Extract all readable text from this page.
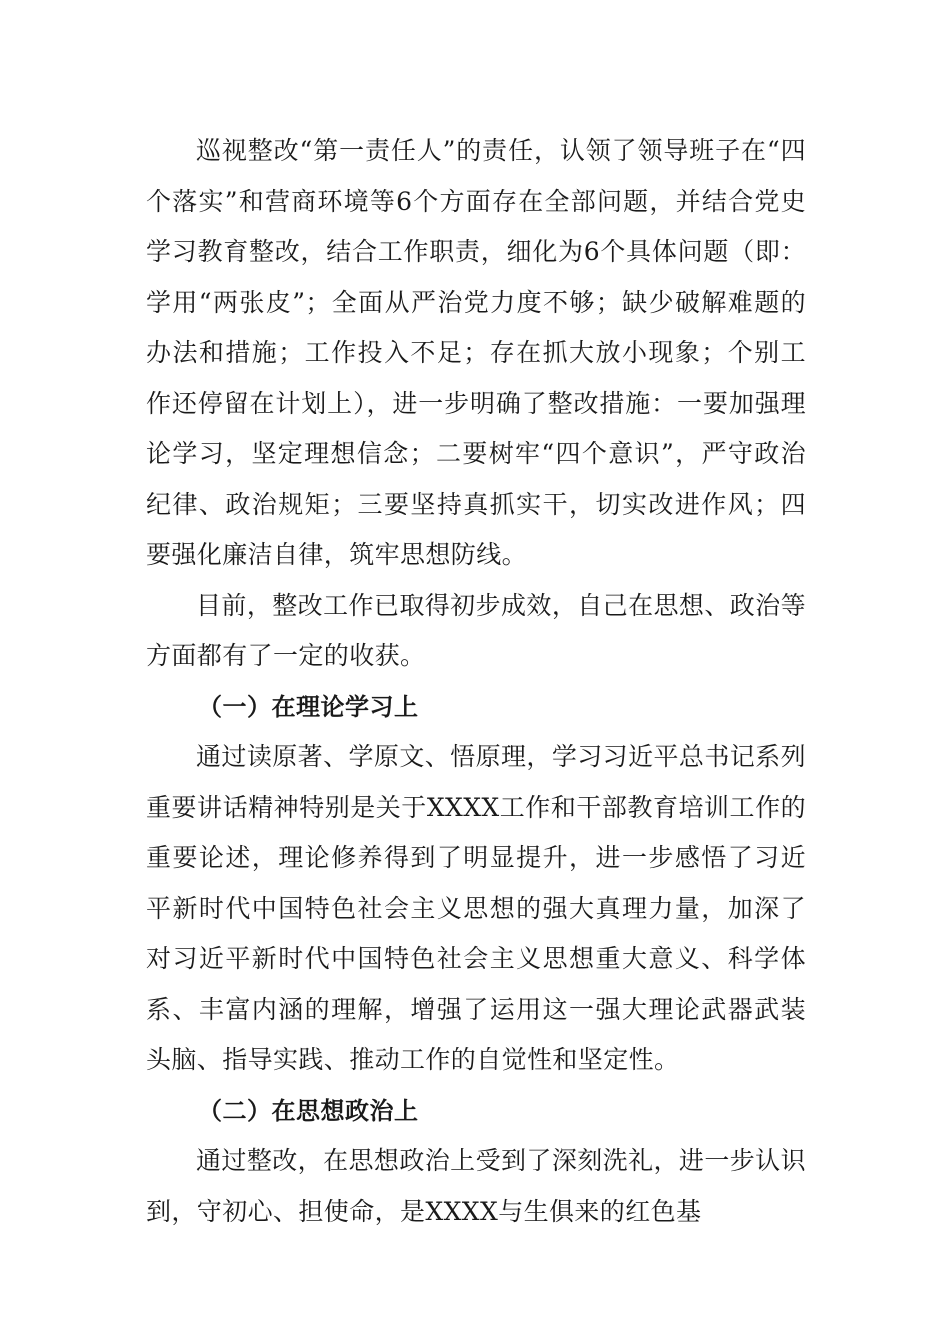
巡视整改“第一责任人”的责任，认领了领导班子在“四个落实”和营商环境等6个方面存在全部问题，并结合党史学习教育整改，结合工作职责，细化为6个具体问题（即：学用“两张皮”；全面从严治党力度不够；缺少破解难题的办法和措施；工作投入不足；存在抓大放小现象；个别工作还停留在计划上），进一步明确了整改措施：一要加强理论学习，坚定理想信念；二要树牢“四个意识”，严守政治纪律、政治规矩；三要坚持真抓实干，切实改进作风；四要强化廉洁自律，筑牢思想防线。

目前，整改工作已取得初步成效，自己在思想、政治等方面都有了一定的收获。

（一）在理论学习上

通过读原著、学原文、悟原理，学习习近平总书记系列重要讲话精神特别是关于XXXX工作和干部教育培训工作的重要论述，理论修养得到了明显提升，进一步感悟了习近平新时代中国特色社会主义思想的强大真理力量，加深了对习近平新时代中国特色社会主义思想重大意义、科学体系、丰富内涵的理解，增强了运用这一强大理论武器武装头脑、指导实践、推动工作的自觉性和坚定性。

（二）在思想政治上

通过整改，在思想政治上受到了深刻洗礼，进一步认识到，守初心、担使命，是XXXX与生俱来的红色基
